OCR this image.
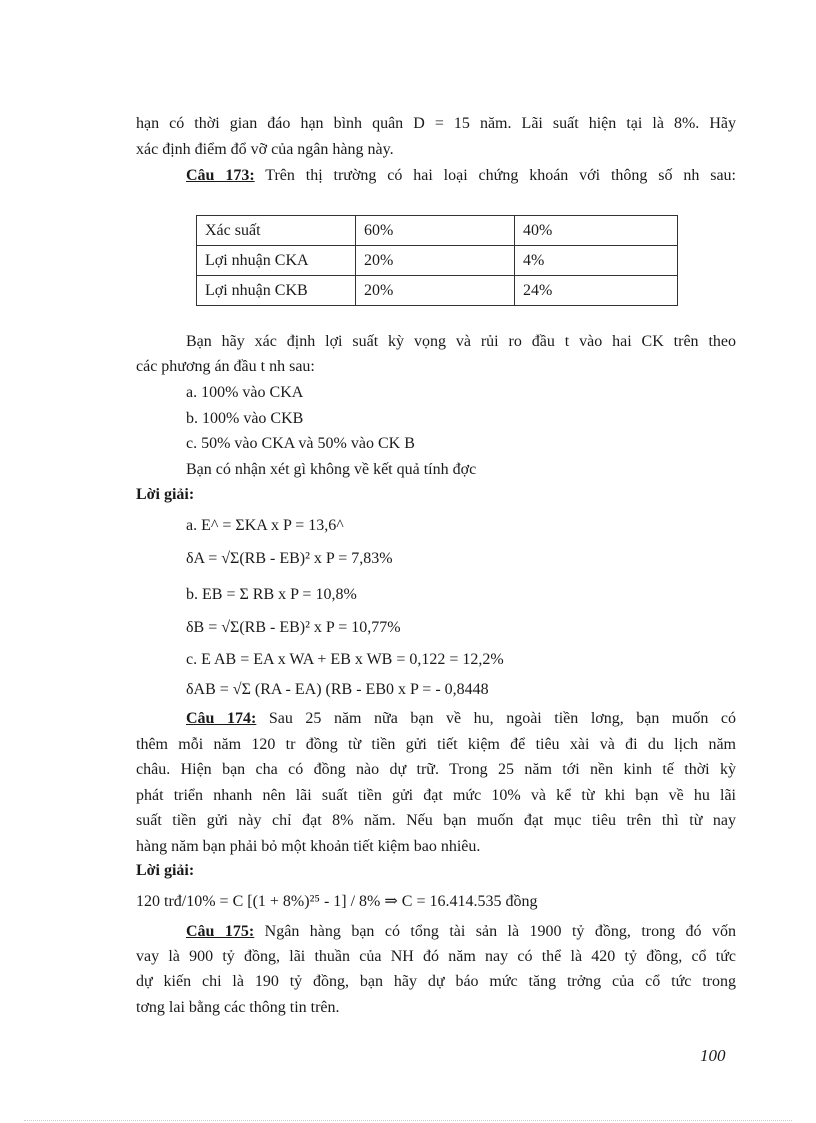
hạn có thời gian đáo hạn bình quân D = 15 năm. Lãi suất hiện tại là 8%. Hãy
xác định điểm đổ vỡ của ngân hàng này.
Câu 173: Trên thị trường có hai loại chứng khoán với thông số nh sau:
Xác suất	60%	40%
Lợi nhuận CKA	20%	4%
Lợi nhuận CKB	20%	24%
Bạn hãy xác định lợi suất kỳ vọng và rủi ro đầu t vào hai CK trên theo
các phương án đầu t nh sau:
a. 100% vào CKA
b. 100% vào CKB
c. 50% vào CKA và 50% vào CK B
Bạn có nhận xét gì không về kết quả tính đợc
Lời giải:
a. E^ = ΣKA x P = 13,6^
δA = √Σ(RB - EB)² x P = 7,83%
b. EB = Σ RB x P = 10,8%
δB = √Σ(RB - EB)² x P = 10,77%
c. E AB = EA x WA + EB x WB = 0,122 = 12,2%
δAB = √Σ (RA - EA) (RB - EB0 x P = - 0,8448
Câu 174: Sau 25 năm nữa bạn về hu, ngoài tiền lơng, bạn muốn có
thêm mỗi năm 120 tr đồng từ tiền gửi tiết kiệm để tiêu xài và đi du lịch năm
châu. Hiện bạn cha có đồng nào dự trữ. Trong 25 năm tới nền kinh tế thời kỳ
phát triển nhanh nên lãi suất tiền gửi đạt mức 10% và kể từ khi bạn về hu lãi
suất tiền gửi này chỉ đạt 8% năm. Nếu bạn muốn đạt mục tiêu trên thì từ nay
hàng năm bạn phải bỏ một khoản tiết kiệm bao nhiêu.
Lời giải:
120 trđ/10% = C [(1 + 8%)²⁵ - 1] / 8% ⇒ C = 16.414.535 đồng
Câu 175: Ngân hàng bạn có tổng tài sản là 1900 tỷ đồng, trong đó vốn
vay là 900 tỷ đồng, lãi thuần của NH đó năm nay có thể là 420 tỷ đồng, cổ tức
dự kiến chi là 190 tỷ đồng, bạn hãy dự báo mức tăng trởng của cổ tức trong
tơng lai bằng các thông tin trên.
100
